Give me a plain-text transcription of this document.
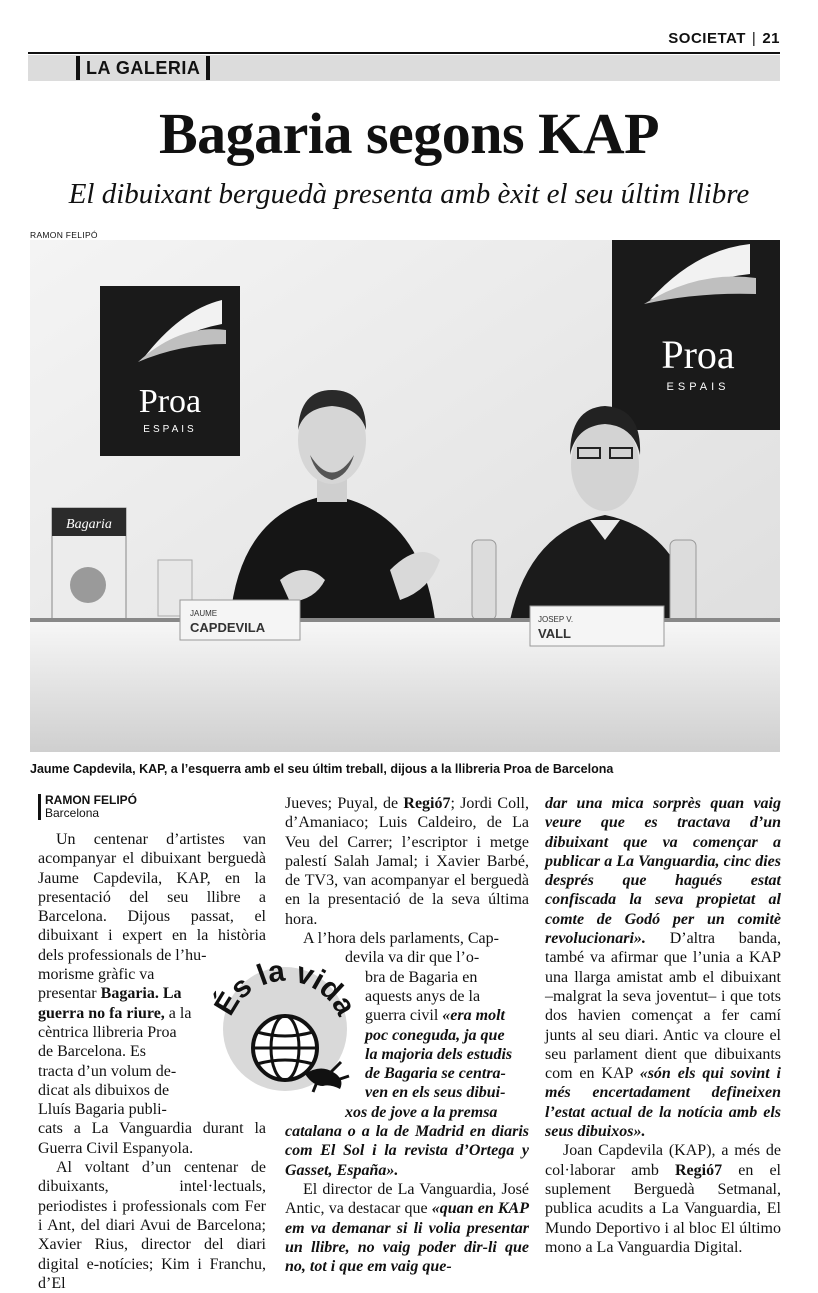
SOCIETAT | 21
LA GALERIA
Bagaria segons KAP
El dibuixant berguedà presenta amb èxit el seu últim llibre
RAMON FELIPÓ
Proa
ESPAIS
Proa
ESPAIS
Bagaria
JAUME
CAPDEVILA
JOSEP V.
VALL
Jaume Capdevila, KAP, a l’esquerra amb el seu últim treball, dijous a la llibreria Proa de Barcelona
RAMON FELIPÓ
Barcelona

Un centenar d’artistes van acompanyar el dibuixant berguedà Jaume Capdevila, KAP, en la presentació del seu llibre a Barcelona. Dijous passat, el dibuixant i expert en la història dels professionals de l’hu-
morisme gràfic va
presentar Bagaria. La
guerra no fa riure, a la
cèntrica llibreria Proa
de Barcelona. Es
tracta d’un volum de-
dicat als dibuixos de
Lluís Bagaria publi-
cats a La Vanguardia durant la Guerra Civil Espanyola.

Al voltant d’un centenar de dibuixants, intel·lectuals, periodistes i professionals com Fer i Ant, del diari Avui de Barcelona; Xavier Rius, director del diari digital e-notícies; Kim i Franchu, d’El

Jueves; Puyal, de Regió7; Jordi Coll, d’Amaniaco; Luis Caldeiro, de La Veu del Carrer; l’escriptor i metge palestí Salah Jamal; i Xavier Barbé, de TV3, van acompanyar el berguedà en la presentació de la seva última hora.

A l’hora dels parlaments, Cap-

devila va dir que l’o-
bra de Bagaria en
aquests anys de la
guerra civil «era molt
poc coneguda, ja que
la majoria dels estudis
de Bagaria se centra-
ven en els seus dibui-
xos de jove a la premsa
catalana o a la de Madrid en diaris com El Sol i la revista d’Ortega y Gasset, España».

El director de La Vanguardia, José Antic, va destacar que «quan en KAP em va demanar si li volia presentar un llibre, no vaig poder dir-li que no, tot i que em vaig que-

dar una mica sorprès quan vaig veure que es tractava d’un dibuixant que va començar a publicar a La Vanguardia, cinc dies després que hagués estat confiscada la seva propietat al comte de Godó per un comitè revolucionari». D’altra banda, també va afirmar que l’unia a KAP una llarga amistat amb el dibuixant –malgrat la seva joventut– i que tots dos havien començat a fer camí junts al seu diari. Antic va cloure el seu parlament dient que dibuixants com en KAP «són els qui sovint i més encertadament defineixen l’estat actual de la notícia amb els seus dibuixos».

Joan Capdevila (KAP), a més de col·laborar amb Regió7 en el suplement Berguedà Setmanal, publica acudits a La Vanguardia, El Mundo Deportivo i al bloc El último mono a La Vanguardia Digital.

És la vid
